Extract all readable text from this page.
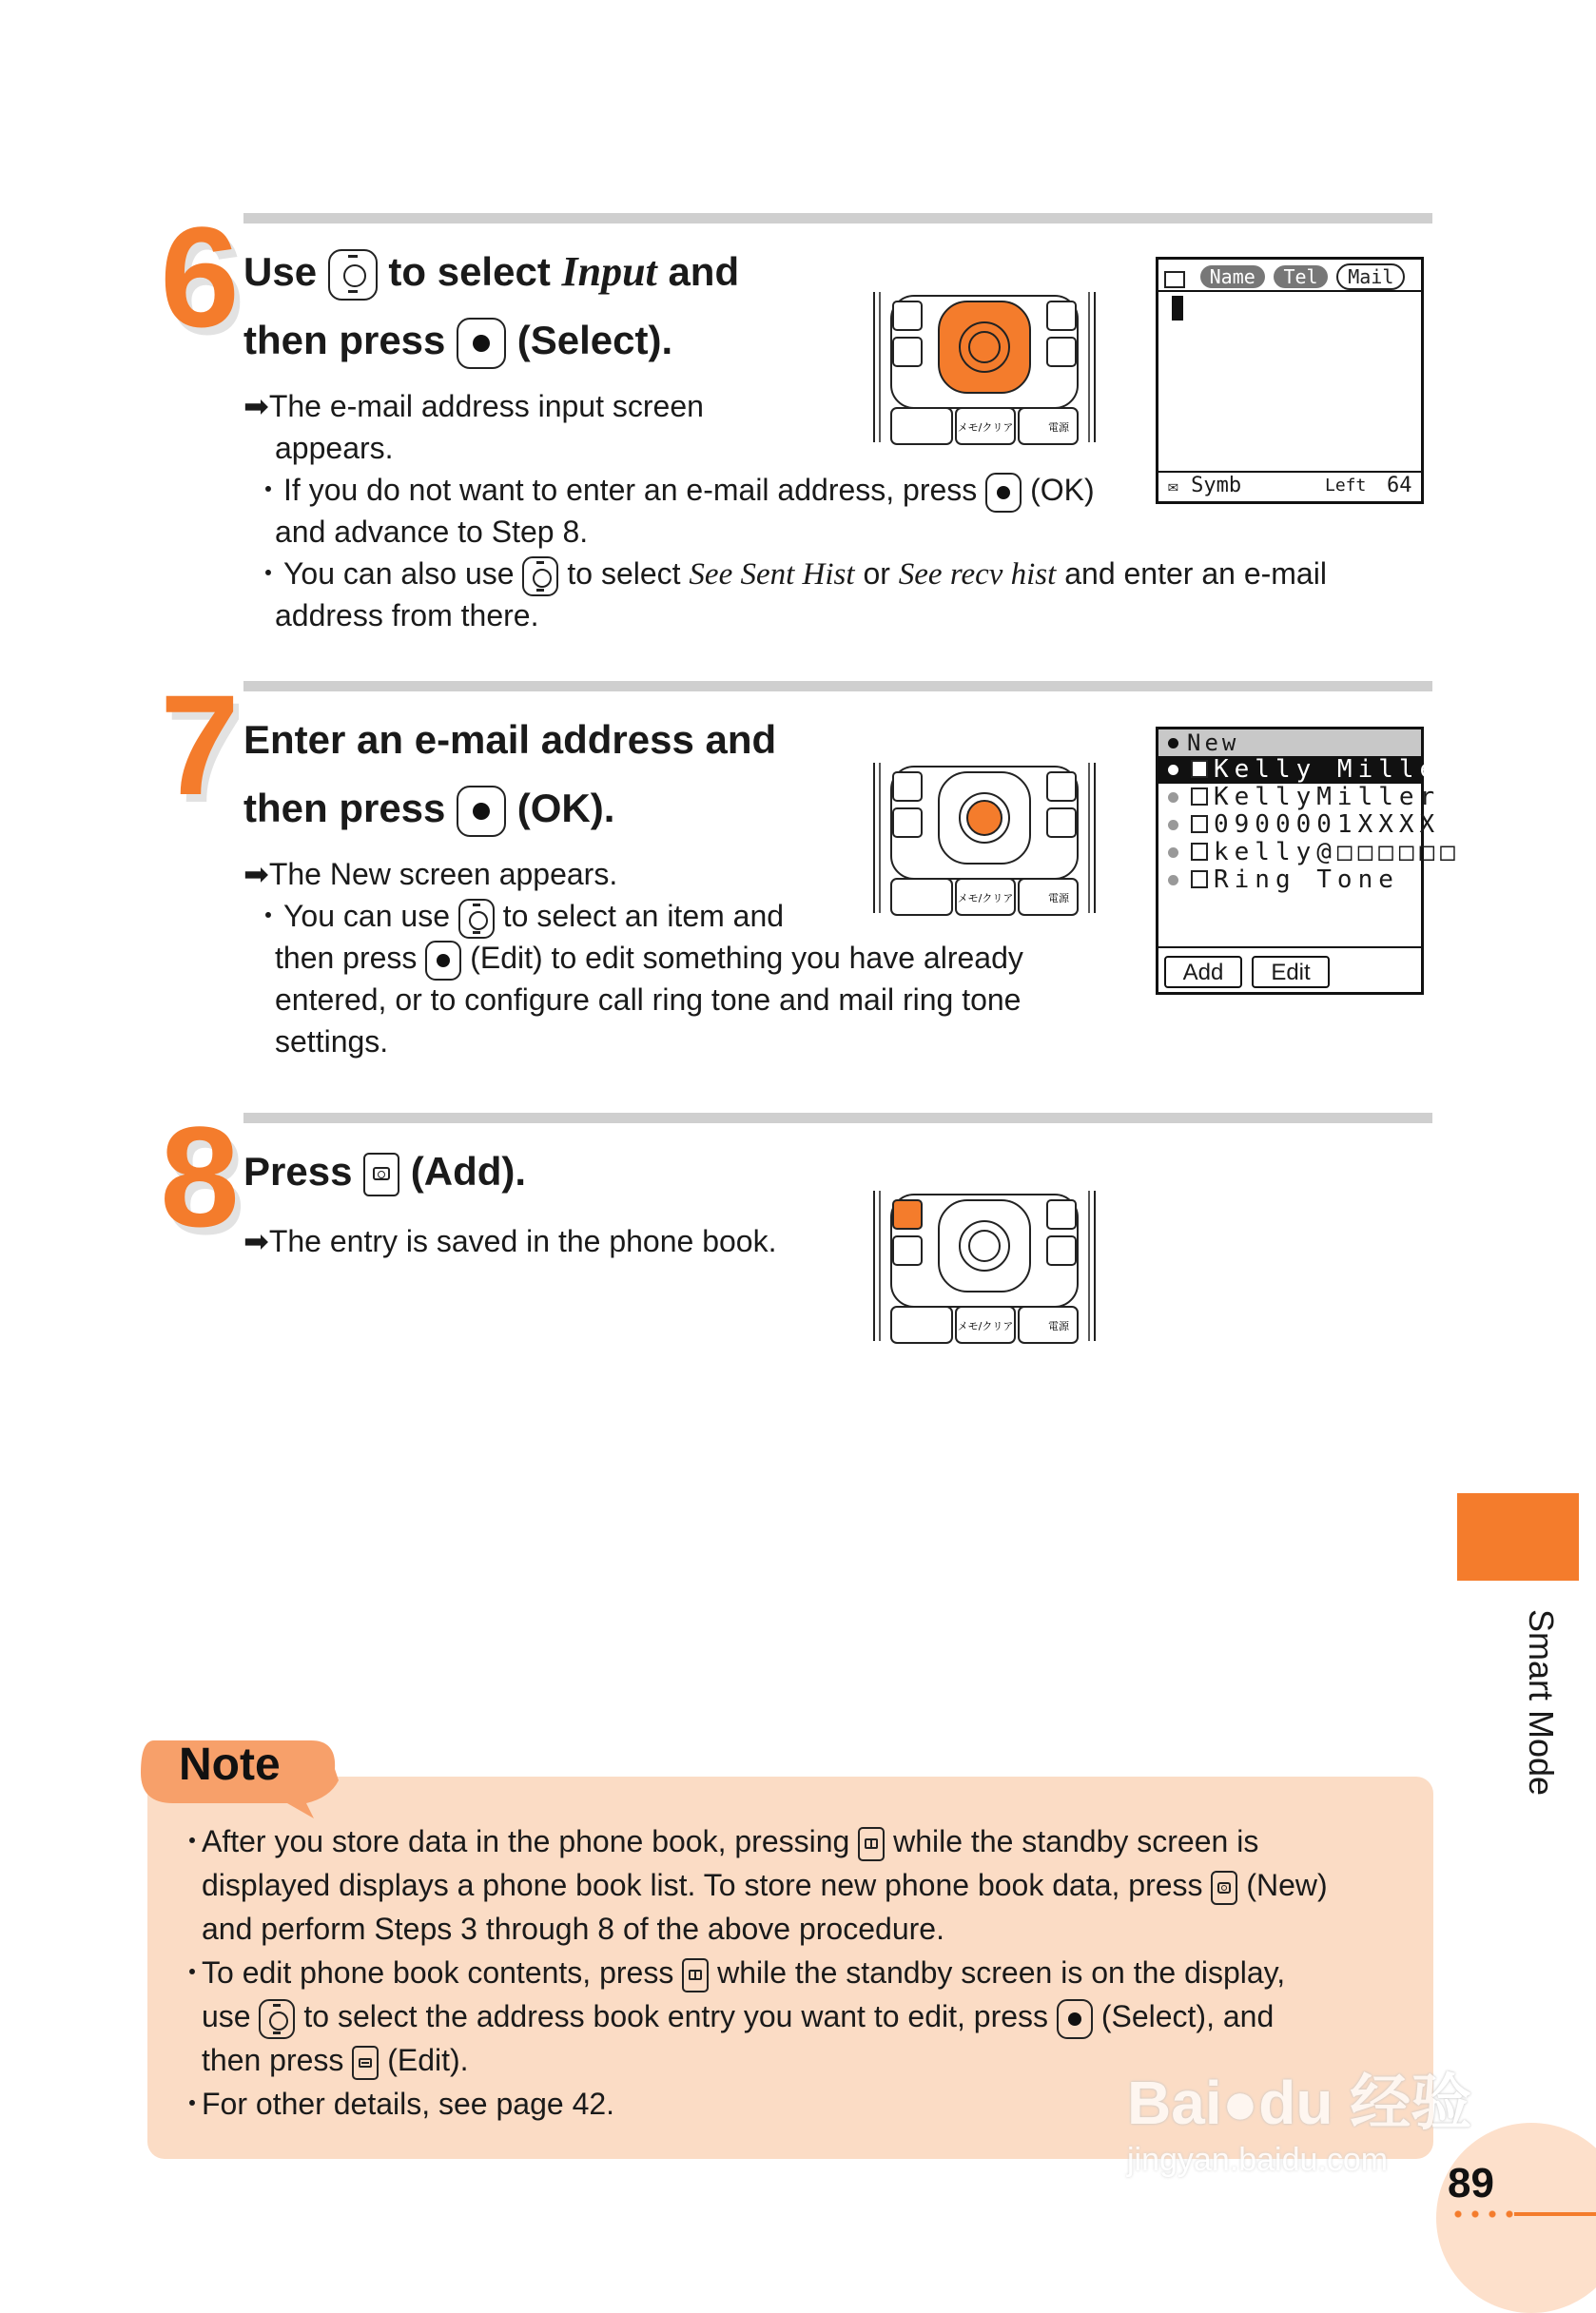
6 Use to select Input and
then press (Select).
➡The e-mail address input screen
appears.
・If you do not want to enter an e-mail address, press (OK)
and advance to Step 8.
・You can also use to select See Sent Hist or See recv hist and enter an e-mail
address from there.
メモ/クリア	電源
Name Tel Mail
✉ Symb	Left 64
7 Enter an e-mail address and
then press (OK).
➡The New screen appears.
・You can use to select an item and
then press (Edit) to edit something you have already
entered, or to configure call ring tone and mail ring tone
settings.
メモ/クリア	電源
New
Kelly Miller
KellyMiller
0900001XXXX
kelly@□□□□□□
Ring Tone
Add	Edit
8 Press (Add).
➡The entry is saved in the phone book.
メモ/クリア	電源
Smart Mode
Note
・
After you store data in the phone book, pressing while the standby screen is
displayed displays a phone book list. To store new phone book data, press (New)
and perform Steps 3 through 8 of the above procedure.
・
To edit phone book contents, press while the standby screen is on the display,
use to select the address book entry you want to edit, press (Select), and
then press (Edit).
・
For other details, see page 42.	Bai●du 经验
jingyan.baidu.com 89
